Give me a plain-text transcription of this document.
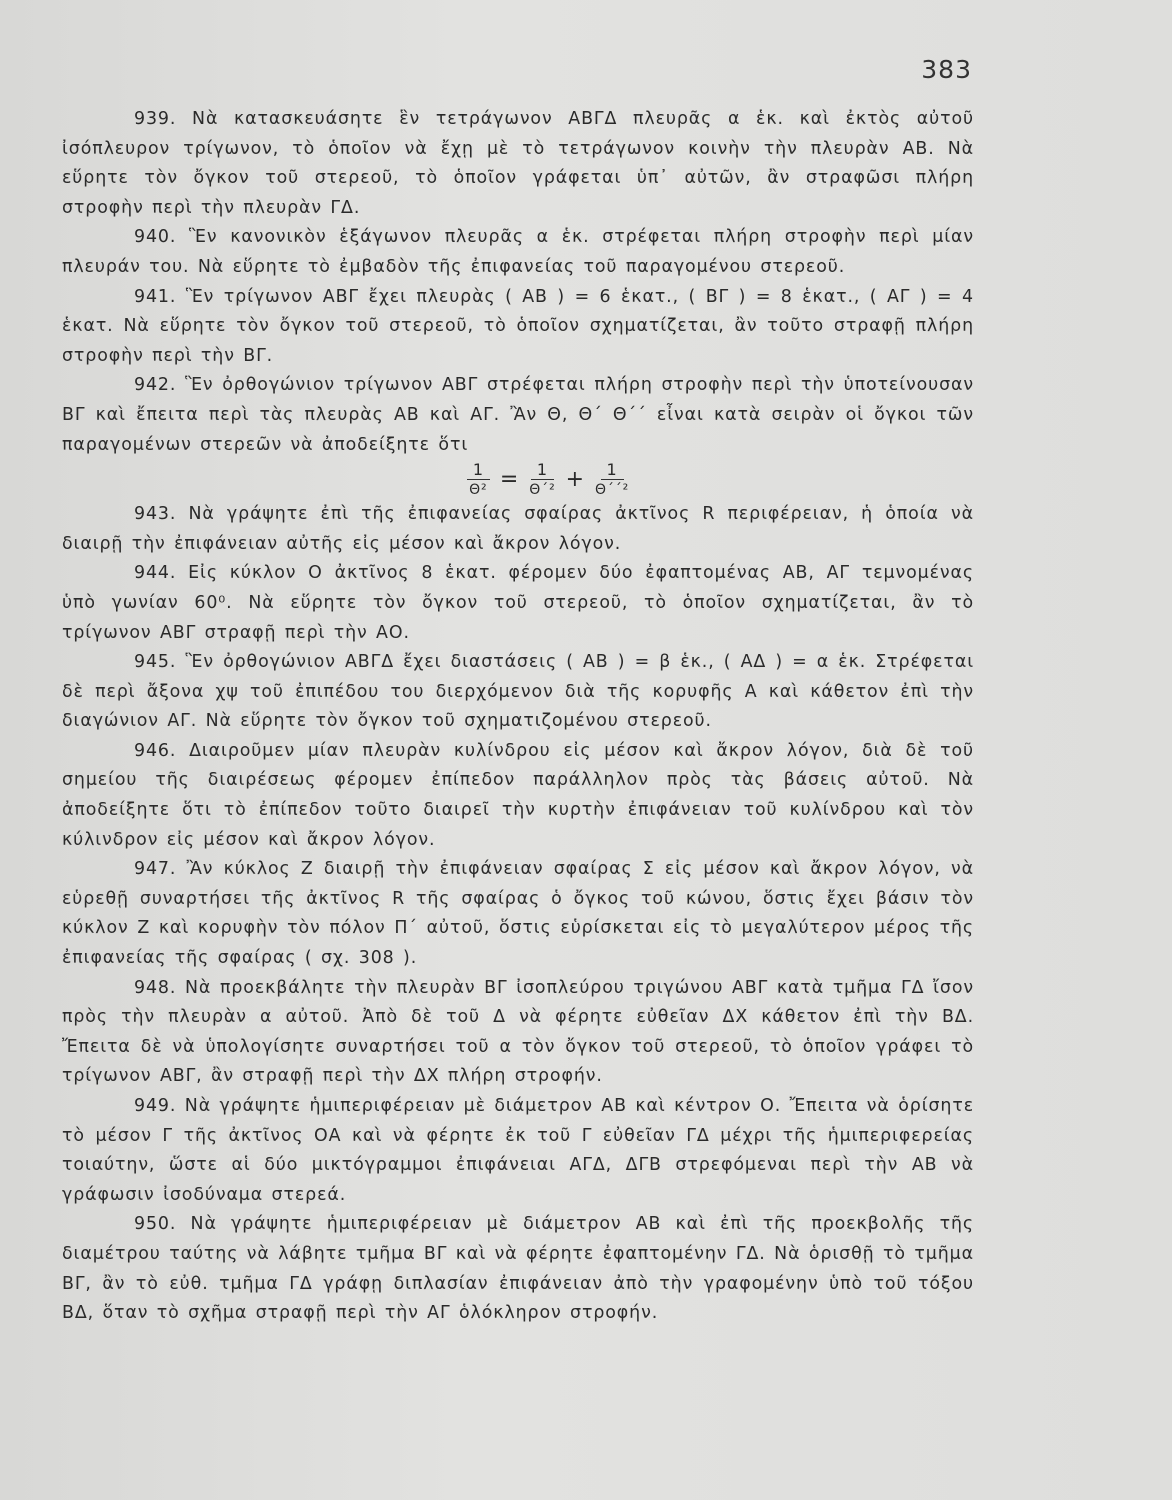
383

939. Νὰ κατασκευάσητε ἓν τετράγωνον ΑΒΓΔ πλευρᾶς α ἑκ. καὶ ἐκτὸς αὐτοῦ ἰσόπλευρον τρίγωνον, τὸ ὁποῖον νὰ ἔχῃ μὲ τὸ τετράγωνον κοινὴν τὴν πλευρὰν ΑΒ. Νὰ εὕρητε τὸν ὄγκον τοῦ στερεοῦ, τὸ ὁποῖον γράφεται ὑπ᾽ αὐτῶν, ἂν στραφῶσι πλήρη στροφὴν περὶ τὴν πλευρὰν ΓΔ.

940. Ἓν κανονικὸν ἑξάγωνον πλευρᾶς α ἑκ. στρέφεται πλήρη στροφὴν περὶ μίαν πλευράν του. Νὰ εὕρητε τὸ ἐμβαδὸν τῆς ἐπιφανείας τοῦ παραγομένου στερεοῦ.

941. Ἓν τρίγωνον ΑΒΓ ἔχει πλευρὰς ( ΑΒ ) = 6 ἑκατ., ( ΒΓ ) = 8 ἑκατ., ( ΑΓ ) = 4 ἑκατ. Νὰ εὕρητε τὸν ὄγκον τοῦ στερεοῦ, τὸ ὁποῖον σχηματίζεται, ἂν τοῦτο στραφῇ πλήρη στροφὴν περὶ τὴν ΒΓ.

942. Ἓν ὀρθογώνιον τρίγωνον ΑΒΓ στρέφεται πλήρη στροφὴν περὶ τὴν ὑποτείνουσαν ΒΓ καὶ ἔπειτα περὶ τὰς πλευρὰς ΑΒ καὶ ΑΓ. Ἂν Θ, Θ΄ Θ΄΄ εἶναι κατὰ σειρὰν οἱ ὄγκοι τῶν παραγομένων στερεῶν νὰ ἀποδείξητε ὅτι

$\frac{1}{\text{Θ²}} = \frac{1}{\text{Θ΄²}} + \frac{1}{\text{Θ΄΄²}}$

943. Νὰ γράψητε ἐπὶ τῆς ἐπιφανείας σφαίρας ἀκτῖνος R περιφέρειαν, ἡ ὁποία νὰ διαιρῇ τὴν ἐπιφάνειαν αὐτῆς εἰς μέσον καὶ ἄκρον λόγον.

944. Εἰς κύκλον Ο ἀκτῖνος 8 ἑκατ. φέρομεν δύο ἐφαπτομένας ΑΒ, ΑΓ τεμνομένας ὑπὸ γωνίαν 60⁰. Νὰ εὕρητε τὸν ὄγκον τοῦ στερεοῦ, τὸ ὁποῖον σχηματίζεται, ἂν τὸ τρίγωνον ΑΒΓ στραφῇ περὶ τὴν ΑΟ.

945. Ἓν ὀρθογώνιον ΑΒΓΔ ἔχει διαστάσεις ( ΑΒ ) = β ἑκ., ( ΑΔ ) = α ἑκ. Στρέφεται δὲ περὶ ἄξονα χψ τοῦ ἐπιπέδου του διερχόμενον διὰ τῆς κορυφῆς Α καὶ κάθετον ἐπὶ τὴν διαγώνιον ΑΓ. Νὰ εὕρητε τὸν ὄγκον τοῦ σχηματιζομένου στερεοῦ.

946. Διαιροῦμεν μίαν πλευρὰν κυλίνδρου εἰς μέσον καὶ ἄκρον λόγον, διὰ δὲ τοῦ σημείου τῆς διαιρέσεως φέρομεν ἐπίπεδον παράλληλον πρὸς τὰς βάσεις αὐτοῦ. Νὰ ἀποδείξητε ὅτι τὸ ἐπίπεδον τοῦτο διαιρεῖ τὴν κυρτὴν ἐπιφάνειαν τοῦ κυλίνδρου καὶ τὸν κύλινδρον εἰς μέσον καὶ ἄκρον λόγον.

947. Ἂν κύκλος Ζ διαιρῇ τὴν ἐπιφάνειαν σφαίρας Σ εἰς μέσον καὶ ἄκρον λόγον, νὰ εὑρεθῇ συναρτήσει τῆς ἀκτῖνος R τῆς σφαίρας ὁ ὄγκος τοῦ κώνου, ὅστις ἔχει βάσιν τὸν κύκλον Ζ καὶ κορυφὴν τὸν πόλον Π΄ αὐτοῦ, ὅστις εὑρίσκεται εἰς τὸ μεγαλύτερον μέρος τῆς ἐπιφανείας τῆς σφαίρας ( σχ. 308 ).

948. Νὰ προεκβάλητε τὴν πλευρὰν ΒΓ ἰσοπλεύρου τριγώνου ΑΒΓ κατὰ τμῆμα ΓΔ ἴσον πρὸς τὴν πλευρὰν α αὐτοῦ. Ἀπὸ δὲ τοῦ Δ νὰ φέρητε εὐθεῖαν ΔΧ κάθετον ἐπὶ τὴν ΒΔ. Ἔπειτα δὲ νὰ ὑπολογίσητε συναρτήσει τοῦ α τὸν ὄγκον τοῦ στερεοῦ, τὸ ὁποῖον γράφει τὸ τρίγωνον ΑΒΓ, ἂν στραφῇ περὶ τὴν ΔΧ πλήρη στροφήν.

949. Νὰ γράψητε ἡμιπεριφέρειαν μὲ διάμετρον ΑΒ καὶ κέντρον Ο. Ἔπειτα νὰ ὁρίσητε τὸ μέσον Γ τῆς ἀκτῖνος ΟΑ καὶ νὰ φέρητε ἐκ τοῦ Γ εὐθεῖαν ΓΔ μέχρι τῆς ἡμιπεριφερείας τοιαύτην, ὥστε αἱ δύο μικτόγραμμοι ἐπιφάνειαι ΑΓΔ, ΔΓΒ στρεφόμεναι περὶ τὴν ΑΒ νὰ γράφωσιν ἰσοδύναμα στερεά.

950. Νὰ γράψητε ἡμιπεριφέρειαν μὲ διάμετρον ΑΒ καὶ ἐπὶ τῆς προεκβολῆς τῆς διαμέτρου ταύτης νὰ λάβητε τμῆμα ΒΓ καὶ νὰ φέρητε ἐφαπτομένην ΓΔ. Νὰ ὁρισθῇ τὸ τμῆμα ΒΓ, ἂν τὸ εὐθ. τμῆμα ΓΔ γράφῃ διπλασίαν ἐπιφάνειαν ἀπὸ τὴν γραφομένην ὑπὸ τοῦ τόξου ΒΔ, ὅταν τὸ σχῆμα στραφῇ περὶ τὴν ΑΓ ὁλόκληρον στροφήν.
